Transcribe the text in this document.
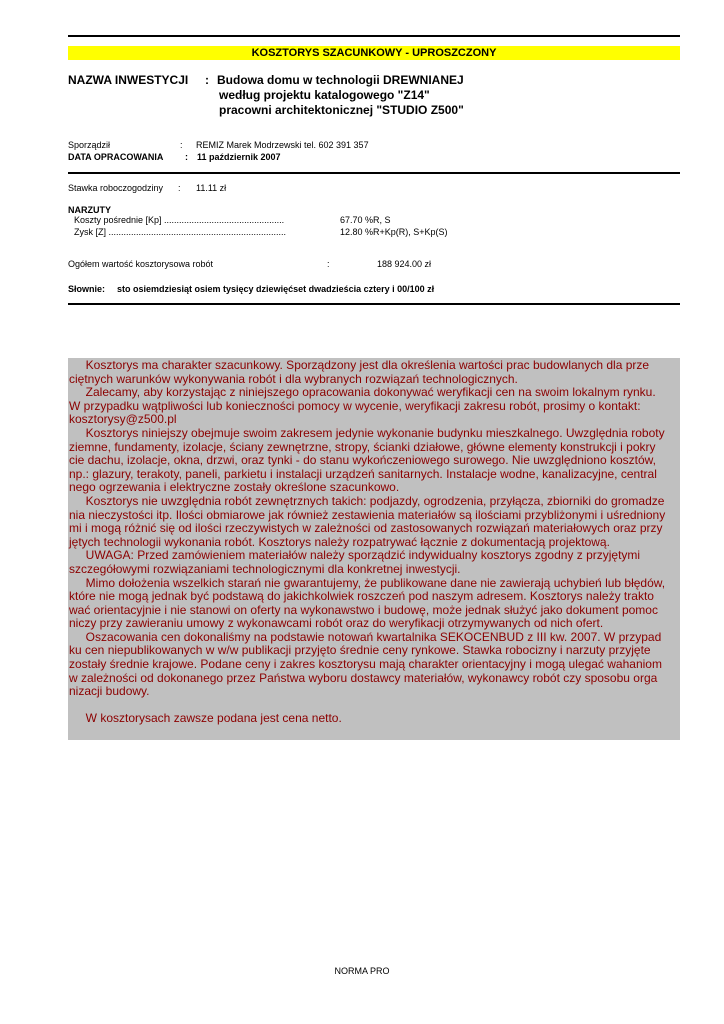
KOSZTORYS SZACUNKOWY - UPROSZCZONY
NAZWA INWESTYCJI : Budowa domu w technologii DREWNIANEJ
według projektu katalogowego "Z14"
pracowni architektonicznej "STUDIO Z500"
Sporządził	: REMIZ Marek Modrzewski tel. 602 391 357
DATA OPRACOWANIA : 11 październik 2007
Stawka roboczogodziny : 11.11 zł
NARZUTY
Koszty pośrednie [Kp] ................................................	67.70 %R, S
Zysk [Z] .......................................................................	12.80 %R+Kp(R), S+Kp(S)
Ogółem wartość kosztorysowa robót	:	188 924.00 zł
Słownie: sto osiemdziesiąt osiem tysięcy dziewięćset dwadzieścia cztery i 00/100 zł
Kosztorys ma charakter szacunkowy. Sporządzony jest dla określenia wartości prac budowlanych dla prze
ciętnych warunków wykonywania robót i dla wybranych rozwiązań technologicznych.
Zalecamy, aby korzystając z niniejszego opracowania dokonywać weryfikacji cen na swoim lokalnym rynku.
W przypadku wątpliwości lub konieczności pomocy w wycenie, weryfikacji zakresu robót, prosimy o kontakt:
kosztorysy@z500.pl
Kosztorys niniejszy obejmuje swoim zakresem jedynie wykonanie budynku mieszkalnego. Uwzględnia roboty
ziemne, fundamenty, izolacje, ściany zewnętrzne, stropy, ścianki działowe, główne elementy konstrukcji i pokry
cie dachu, izolacje, okna, drzwi, oraz tynki - do stanu wykończeniowego surowego. Nie uwzględniono kosztów,
np.: glazury, terakoty, paneli, parkietu i instalacji urządzeń sanitarnych. Instalacje wodne, kanalizacyjne, central
nego ogrzewania i elektryczne zostały określone szacunkowo.
Kosztorys nie uwzględnia robót zewnętrznych takich: podjazdy, ogrodzenia, przyłącza, zbiorniki do gromadze
nia nieczystości itp. Ilości obmiarowe jak również zestawienia materiałów są ilościami przybliżonymi i uśredniony
mi i mogą różnić się od ilości rzeczywistych w zależności od zastosowanych rozwiązań materiałowych oraz przy
jętych technologii wykonania robót. Kosztorys należy rozpatrywać łącznie z dokumentacją projektową.
UWAGA: Przed zamówieniem materiałów należy sporządzić indywidualny kosztorys zgodny z przyjętymi
szczegółowymi rozwiązaniami technologicznymi dla konkretnej inwestycji.
Mimo dołożenia wszelkich starań nie gwarantujemy, że publikowane dane nie zawierają uchybień lub błędów,
które nie mogą jednak być podstawą do jakichkolwiek roszczeń pod naszym adresem. Kosztorys należy trakto
wać orientacyjnie i nie stanowi on oferty na wykonawstwo i budowę, może jednak służyć jako dokument pomoc
niczy przy zawieraniu umowy z wykonawcami robót oraz do weryfikacji otrzymywanych od nich ofert.
Oszacowania cen dokonaliśmy na podstawie notowań kwartalnika SEKOCENBUD z III kw. 2007. W przypad
ku cen niepublikowanych w w/w publikacji przyjęto średnie ceny rynkowe. Stawka robocizny i narzuty przyjęte
zostały średnie krajowe. Podane ceny i zakres kosztorysu mają charakter orientacyjny i mogą ulegać wahaniom
w zależności od dokonanego przez Państwa wyboru dostawcy materiałów, wykonawcy robót czy sposobu orga
nizacji budowy.
W kosztorysach zawsze podana jest cena netto.
NORMA PRO
